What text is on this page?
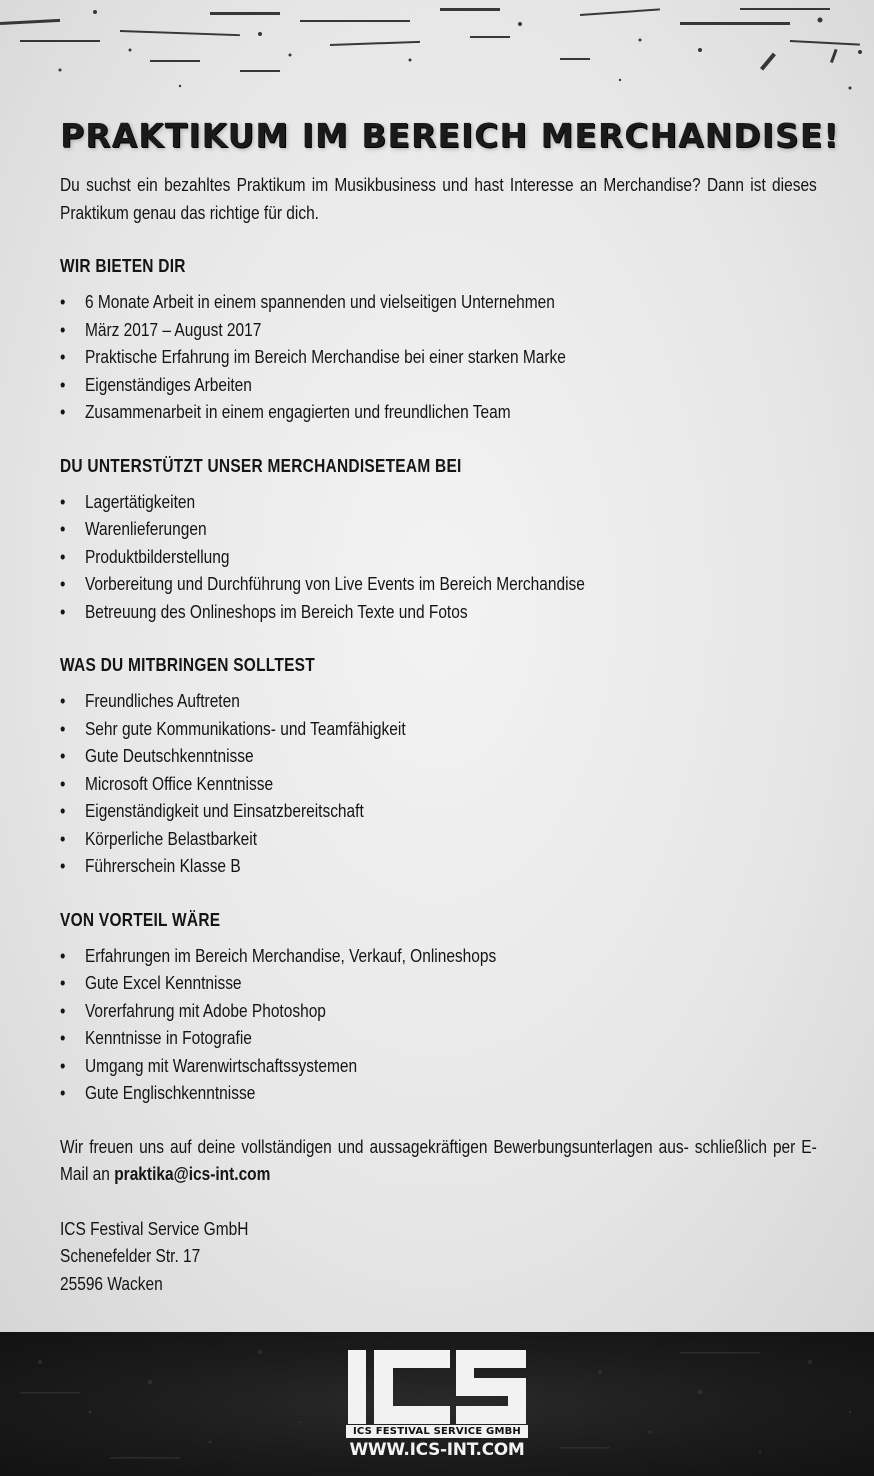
PRAKTIKUM IM BEREICH MERCHANDISE!
Du suchst ein bezahltes Praktikum im Musikbusiness und hast Interesse an Merchandise? Dann ist dieses Praktikum genau das richtige für dich.
WIR BIETEN DIR
• 6 Monate Arbeit in einem spannenden und vielseitigen Unternehmen
• März 2017 – August 2017
• Praktische Erfahrung im Bereich Merchandise bei einer starken Marke
• Eigenständiges Arbeiten
• Zusammenarbeit in einem engagierten und freundlichen Team
DU UNTERSTÜTZT UNSER MERCHANDISETEAM BEI
• Lagertätigkeiten
• Warenlieferungen
• Produktbilderstellung
• Vorbereitung und Durchführung von Live Events im Bereich Merchandise
• Betreuung des Onlineshops im Bereich Texte und Fotos
WAS DU MITBRINGEN SOLLTEST
• Freundliches Auftreten
• Sehr gute Kommunikations- und Teamfähigkeit
• Gute Deutschkenntnisse
• Microsoft Office Kenntnisse
• Eigenständigkeit und Einsatzbereitschaft
• Körperliche Belastbarkeit
• Führerschein Klasse B
VON VORTEIL WÄRE
• Erfahrungen im Bereich Merchandise, Verkauf, Onlineshops
• Gute Excel Kenntnisse
• Vorerfahrung mit Adobe Photoshop
• Kenntnisse in Fotografie
• Umgang mit Warenwirtschaftssystemen
• Gute Englischkenntnisse
Wir freuen uns auf deine vollständigen und aussagekräftigen Bewerbungsunterlagen aus- schließlich per E-Mail an praktika@ics-int.com
ICS Festival Service GmbH
Schenefelder Str. 17
25596 Wacken
ICS FESTIVAL SERVICE GMBH
WWW.ICS-INT.COM
